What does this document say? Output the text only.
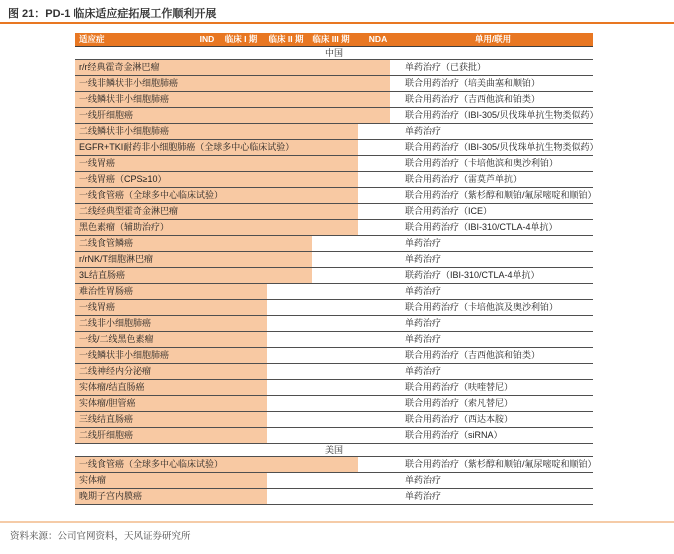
图 21：PD-1 临床适应症拓展工作顺利开展
适应症	IND 临床 I 期 临床 II 期 临床 III 期 NDA	单用/联用
中国
r/r经典霍奇金淋巴瘤	单药治疗（已获批）
一线非鳞状非小细胞肺癌	联合用药治疗（培美曲塞和顺铂）
一线鳞状非小细胞肺癌	联合用药治疗（吉西他滨和铂类）
一线肝细胞癌	联合用药治疗（IBI-305/贝伐珠单抗生物类似药）
二线鳞状非小细胞肺癌	单药治疗
EGFR+TKI耐药非小细胞肺癌（全球多中心临床试验）	联合用药治疗（IBI-305/贝伐珠单抗生物类似药）
一线胃癌	联合用药治疗（卡培他滨和奥沙利铂）
一线胃癌（CPS≥10）	联合用药治疗（雷莫芦单抗）
一线食管癌（全球多中心临床试验）	联合用药治疗（紫杉醇和顺铂/氟尿嘧啶和顺铂）
二线经典型霍奇金淋巴瘤	联合用药治疗（ICE）
黑色素瘤（辅助治疗）	联合用药治疗（IBI-310/CTLA-4单抗）
二线食管鳞癌	单药治疗
r/rNK/T细胞淋巴瘤	单药治疗
3L结直肠癌	联药治疗（IBI-310/CTLA-4单抗）
难治性胃肠癌	单药治疗
一线胃癌	联合用药治疗（卡培他滨及奥沙利铂）
二线非小细胞肺癌	单药治疗
一线/二线黑色素瘤	单药治疗
一线鳞状非小细胞肺癌	联合用药治疗（吉西他滨和铂类）
二线神经内分泌瘤	单药治疗
实体瘤/结直肠癌	联合用药治疗（呋喹替尼）
实体瘤/胆管癌	联合用药治疗（索凡替尼）
三线结直肠癌	联合用药治疗（西达本胺）
二线肝细胞癌	联合用药治疗（siRNA）
美国
一线食管癌（全球多中心临床试验）	联合用药治疗（紫杉醇和顺铂/氟尿嘧啶和顺铂）
实体瘤	单药治疗
晚期子宫内膜癌	单药治疗
资料来源：公司官网资料，天风证券研究所
